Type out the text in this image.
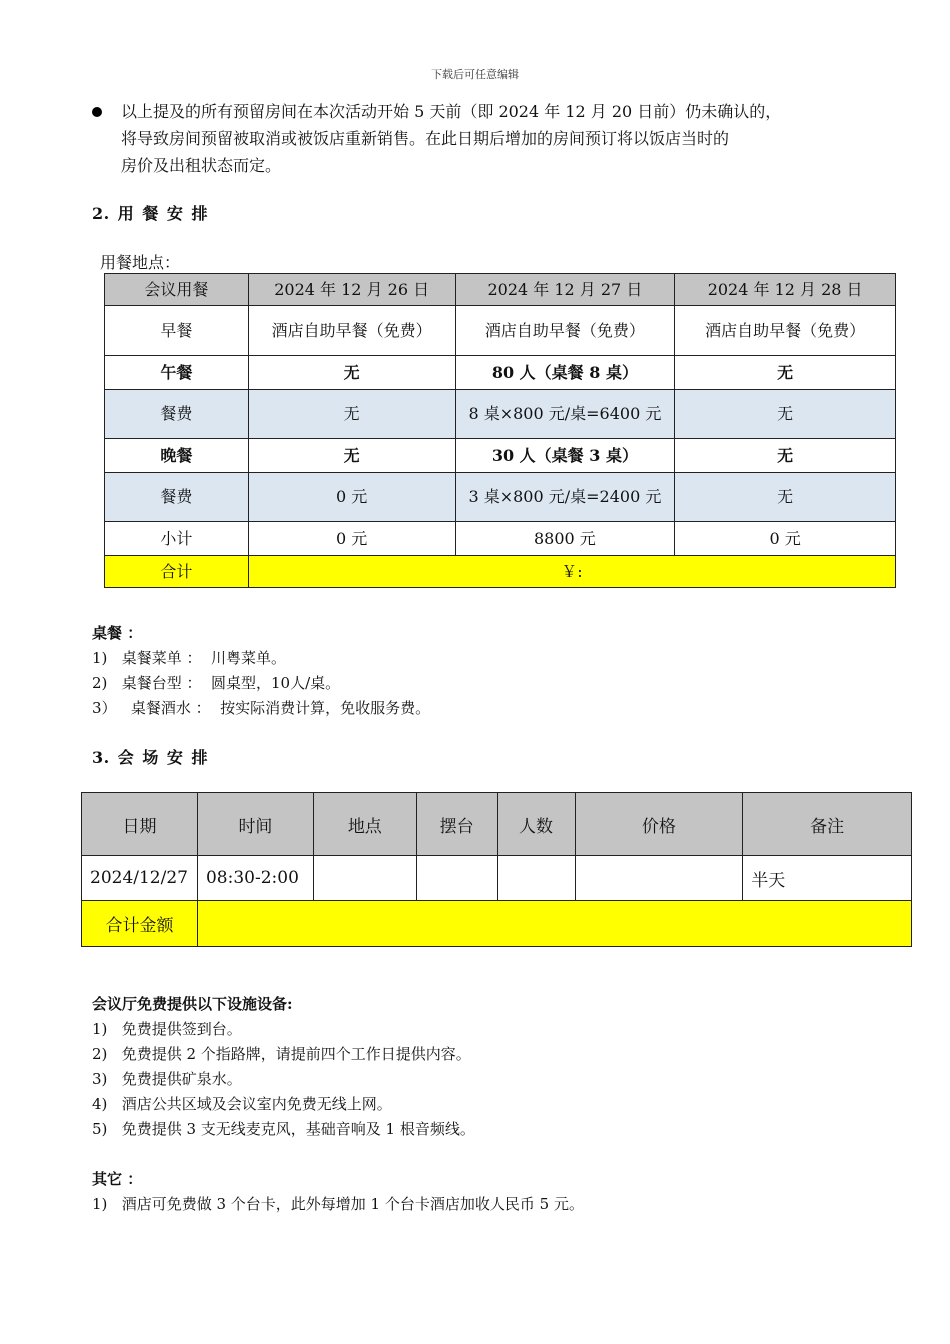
下载后可任意编辑
以上提及的所有预留房间在本次活动开始 5 天前（即 2024 年 12 月 20 日前）仍未确认的，
将导致房间预留被取消或被饭店重新销售。在此日期后增加的房间预订将以饭店当时的
房价及出租状态而定。
2. 用 餐 安 排
用餐地点：
会议用餐	2024 年 12 月 26 日	2024 年 12 月 27 日	2024 年 12 月 28 日
早餐	酒店自助早餐（免费）	酒店自助早餐（免费）	酒店自助早餐（免费）
午餐	无	80 人（桌餐 8 桌）	无
餐费	无	8 桌×800 元/桌=6400 元	无
晚餐	无	30 人（桌餐 3 桌）	无
餐费	0 元	3 桌×800 元/桌=2400 元	无
小计	0 元	8800 元	0 元
合计	￥:		
桌餐 ：
1)   桌餐菜单 ：  川粤菜单。
2)   桌餐台型 ：  圆桌型，10人/桌。
3）   桌餐酒水 ：  按实际消费计算，免收服务费。
3. 会 场 安 排
日期	时间	地点	摆台	人数	价格	备注
2024/12/27	08:30-2:00					半天
合计金额						
会议厅免费提供以下设施设备:
1)   免费提供签到台。
2)   免费提供 2 个指路牌，请提前四个工作日提供内容。
3)   免费提供矿泉水。
4)   酒店公共区域及会议室内免费无线上网。
5)   免费提供 3 支无线麦克风，基础音响及 1 根音频线。
其它 ：
1)   酒店可免费做 3 个台卡，此外每增加 1 个台卡酒店加收人民币 5 元。
